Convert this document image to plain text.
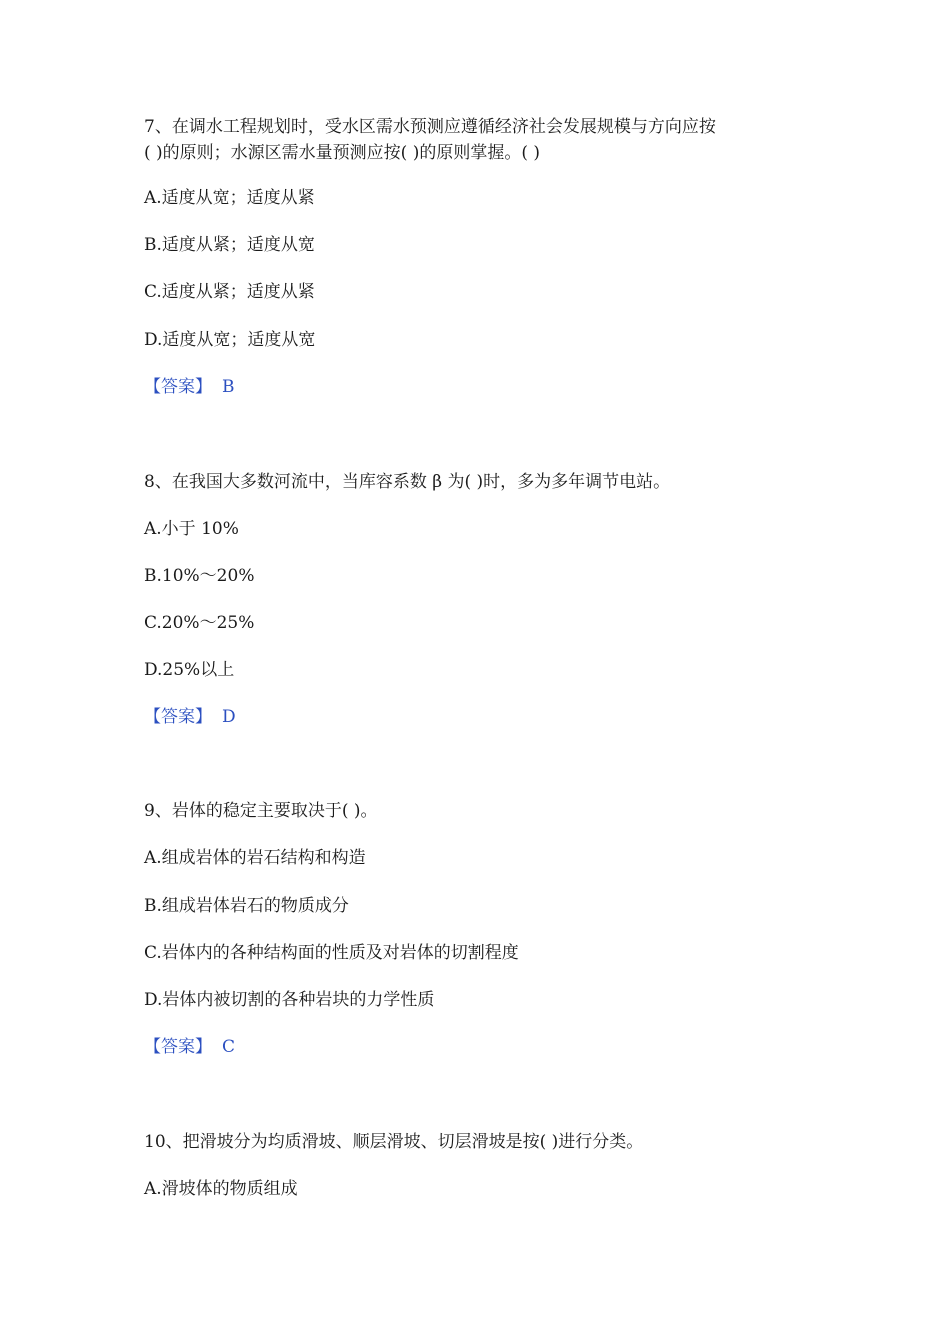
7、在调水工程规划时，受水区需水预测应遵循经济社会发展规模与方向应按
( )的原则；水源区需水量预测应按( )的原则掌握。( )
A.适度从宽；适度从紧
B.适度从紧；适度从宽
C.适度从紧；适度从紧
D.适度从宽；适度从宽
【答案】 B
8、在我国大多数河流中，当库容系数 β 为( )时，多为多年调节电站。
A.小于 10%
B.10%～20%
C.20%～25%
D.25%以上
【答案】 D
9、岩体的稳定主要取决于( )。
A.组成岩体的岩石结构和构造
B.组成岩体岩石的物质成分
C.岩体内的各种结构面的性质及对岩体的切割程度
D.岩体内被切割的各种岩块的力学性质
【答案】 C
10、把滑坡分为均质滑坡、顺层滑坡、切层滑坡是按( )进行分类。
A.滑坡体的物质组成
